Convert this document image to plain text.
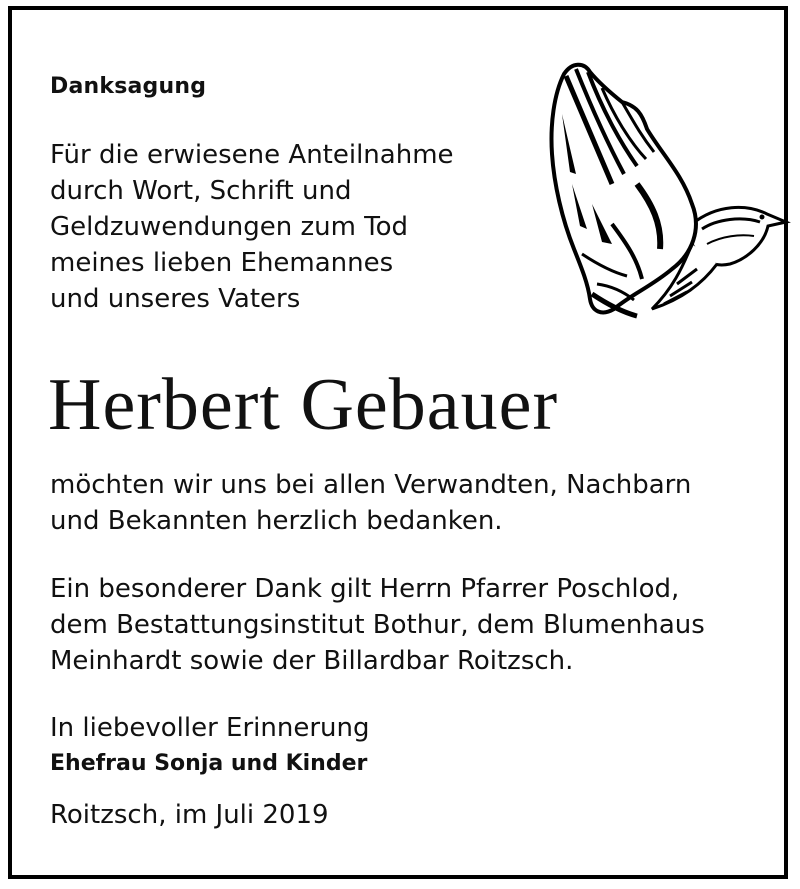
Danksagung
Für die erwiesene Anteilnahme
durch Wort, Schrift und
Geldzuwendungen zum Tod
meines lieben Ehemannes
und unseres Vaters
Herbert Gebauer
möchten wir uns bei allen Verwandten, Nachbarn
und Bekannten herzlich bedanken.
Ein besonderer Dank gilt Herrn Pfarrer Poschlod,
dem Bestattungsinstitut Bothur, dem Blumenhaus
Meinhardt sowie der Billardbar Roitzsch.
In liebevoller Erinnerung
Ehefrau Sonja und Kinder
Roitzsch, im Juli 2019
